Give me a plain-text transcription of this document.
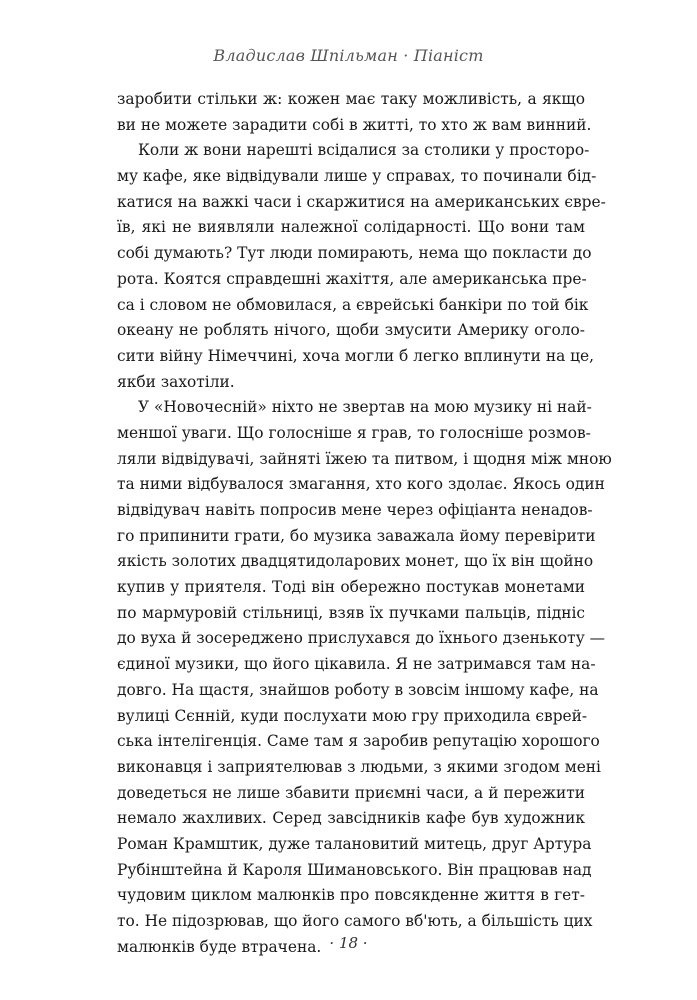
Владислав Шпільман · Піаніст
заробити стільки ж: кожен має таку можливість, а якщо
ви не можете зарадити собі в житті, то хто ж вам винний.
Коли ж вони нарешті всідалися за столики у просторо-
му кафе, яке відвідували лише у справах, то починали бід-
катися на важкі часи і скаржитися на американських євре-
їв, які не виявляли належної солідарності. Що вони там
собі думають? Тут люди помирають, нема що покласти до
рота. Коятся справдешні жахіття, але американська пре-
са і словом не обмовилася, а єврейські банкіри по той бік
океану не роблять нічого, щоби змусити Америку оголо-
сити війну Німеччині, хоча могли б легко вплинути на це,
якби захотіли.
У «Новочесній» ніхто не звертав на мою музику ні най-
меншої уваги. Що голосніше я грав, то голосніше розмов-
ляли відвідувачі, зайняті їжею та питвом, і щодня між мною
та ними відбувалося змагання, хто кого здолає. Якось один
відвідувач навіть попросив мене через офіціанта ненадов-
го припинити грати, бо музика заважала йому перевірити
якість золотих двадцятидоларових монет, що їх він щойно
купив у приятеля. Тоді він обережно постукав монетами
по мармуровій стільниці, взяв їх пучками пальців, підніс
до вуха й зосереджено прислухався до їхнього дзенькоту —
єдиної музики, що його цікавила. Я не затримався там на-
довго. На щастя, знайшов роботу в зовсім іншому кафе, на
вулиці Сєнній, куди послухати мою гру приходила єврей-
ська інтелігенція. Саме там я заробив репутацію хорошого
виконавця і заприятелював з людьми, з якими згодом мені
доведеться не лише збавити приємні часи, а й пережити
немало жахливих. Серед завсідників кафе був художник
Роман Крамштик, дуже талановитий митець, друг Артура
Рубінштейна й Кароля Шимановського. Він працював над
чудовим циклом малюнків про повсякденне життя в гет-
то. Не підозрював, що його самого вб'ють, а більшість цих
малюнків буде втрачена. · 18 ·
